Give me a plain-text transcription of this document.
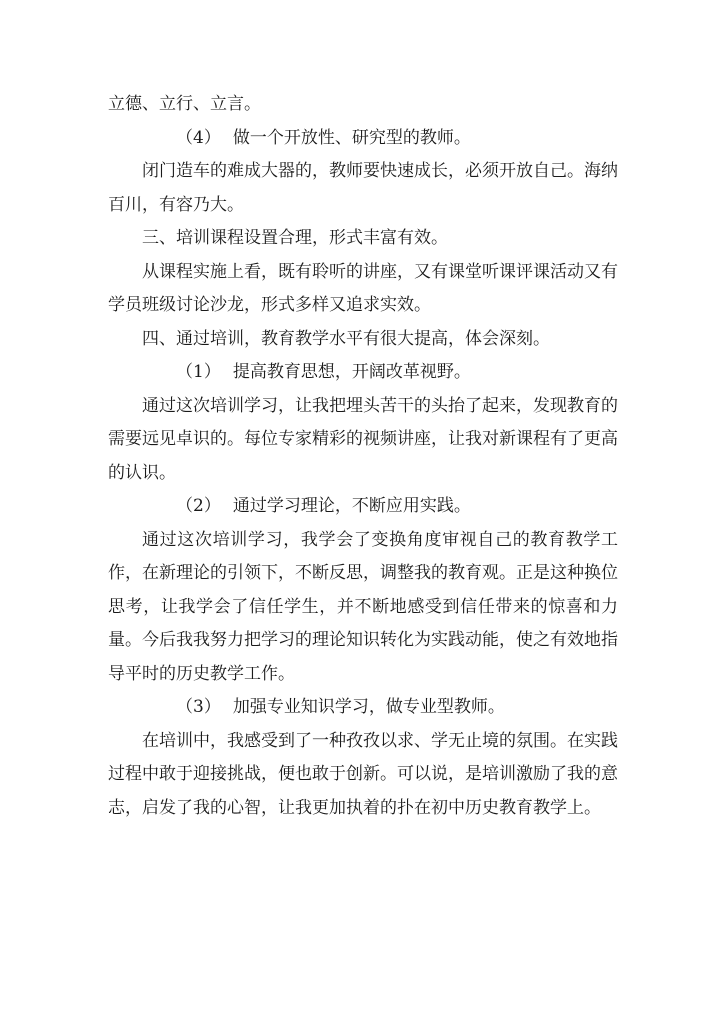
立德、立行、立言。

（4） 做一个开放性、研究型的教师。

闭门造车的难成大器的，教师要快速成长，必须开放自己。海纳百川，有容乃大。

三、培训课程设置合理，形式丰富有效。

从课程实施上看，既有聆听的讲座，又有课堂听课评课活动又有学员班级讨论沙龙，形式多样又追求实效。

四、通过培训，教育教学水平有很大提高，体会深刻。

（1） 提高教育思想，开阔改革视野。

通过这次培训学习，让我把埋头苦干的头抬了起来，发现教育的需要远见卓识的。每位专家精彩的视频讲座，让我对新课程有了更高的认识。

（2） 通过学习理论，不断应用实践。

通过这次培训学习，我学会了变换角度审视自己的教育教学工作，在新理论的引领下，不断反思，调整我的教育观。正是这种换位思考，让我学会了信任学生，并不断地感受到信任带来的惊喜和力量。今后我我努力把学习的理论知识转化为实践动能，使之有效地指导平时的历史教学工作。

（3） 加强专业知识学习，做专业型教师。

在培训中，我感受到了一种孜孜以求、学无止境的氛围。在实践过程中敢于迎接挑战，便也敢于创新。可以说，是培训激励了我的意志，启发了我的心智，让我更加执着的扑在初中历史教育教学上。
